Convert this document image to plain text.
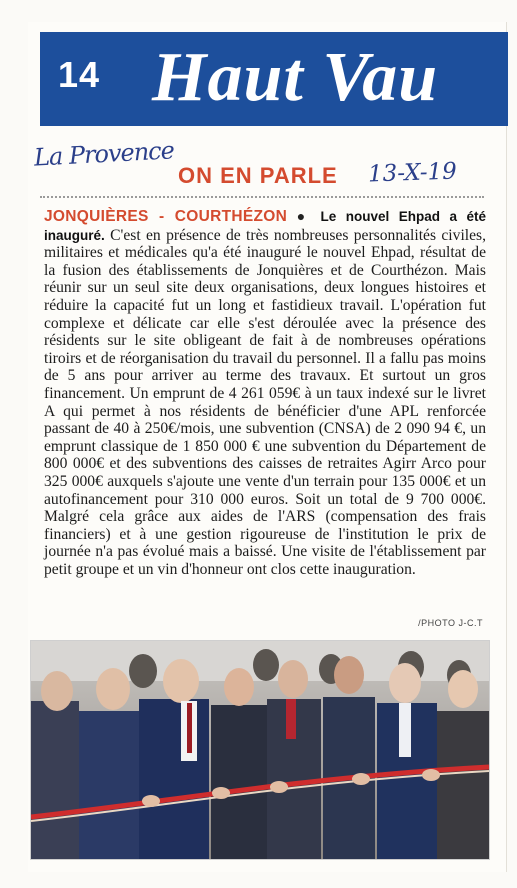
14 Haut Vau
La Provence
ON EN PARLE 13-X-19

JONQUIÈRES - COURTHÉZON ● Le nouvel Ehpad a été inauguré. C'est en présence de très nombreuses personnalités civiles, militaires et médicales qu'a été inauguré le nouvel Ehpad, résultat de la fusion des établissements de Jonquières et de Courthézon. Mais réunir sur un seul site deux organisations, deux longues histoires et réduire la capacité fut un long et fastidieux travail. L'opération fut complexe et délicate car elle s'est déroulée avec la présence des résidents sur le site obligeant de fait à de nombreuses opérations tiroirs et de réorganisation du travail du personnel. Il a fallu pas moins de 5 ans pour arriver au terme des travaux. Et surtout un gros financement. Un emprunt de 4 261 059€ à un taux indexé sur le livret A qui permet à nos résidents de bénéficier d'une APL renforcée passant de 40 à 250€/mois, une subvention (CNSA) de 2 090 94 €, un emprunt classique de 1 850 000 € une subvention du Département de 800 000€ et des subventions des caisses de retraites Agirr Arco pour 325 000€ auxquels s'ajoute une vente d'un terrain pour 135 000€ et un autofinancement pour 310 000 euros. Soit un total de 9 700 000€. Malgré cela grâce aux aides de l'ARS (compensation des frais financiers) et à une gestion rigoureuse de l'institution le prix de journée n'a pas évolué mais a baissé. Une visite de l'établissement par petit groupe et un vin d'honneur ont clos cette inauguration.

/PHOTO J-C.T
